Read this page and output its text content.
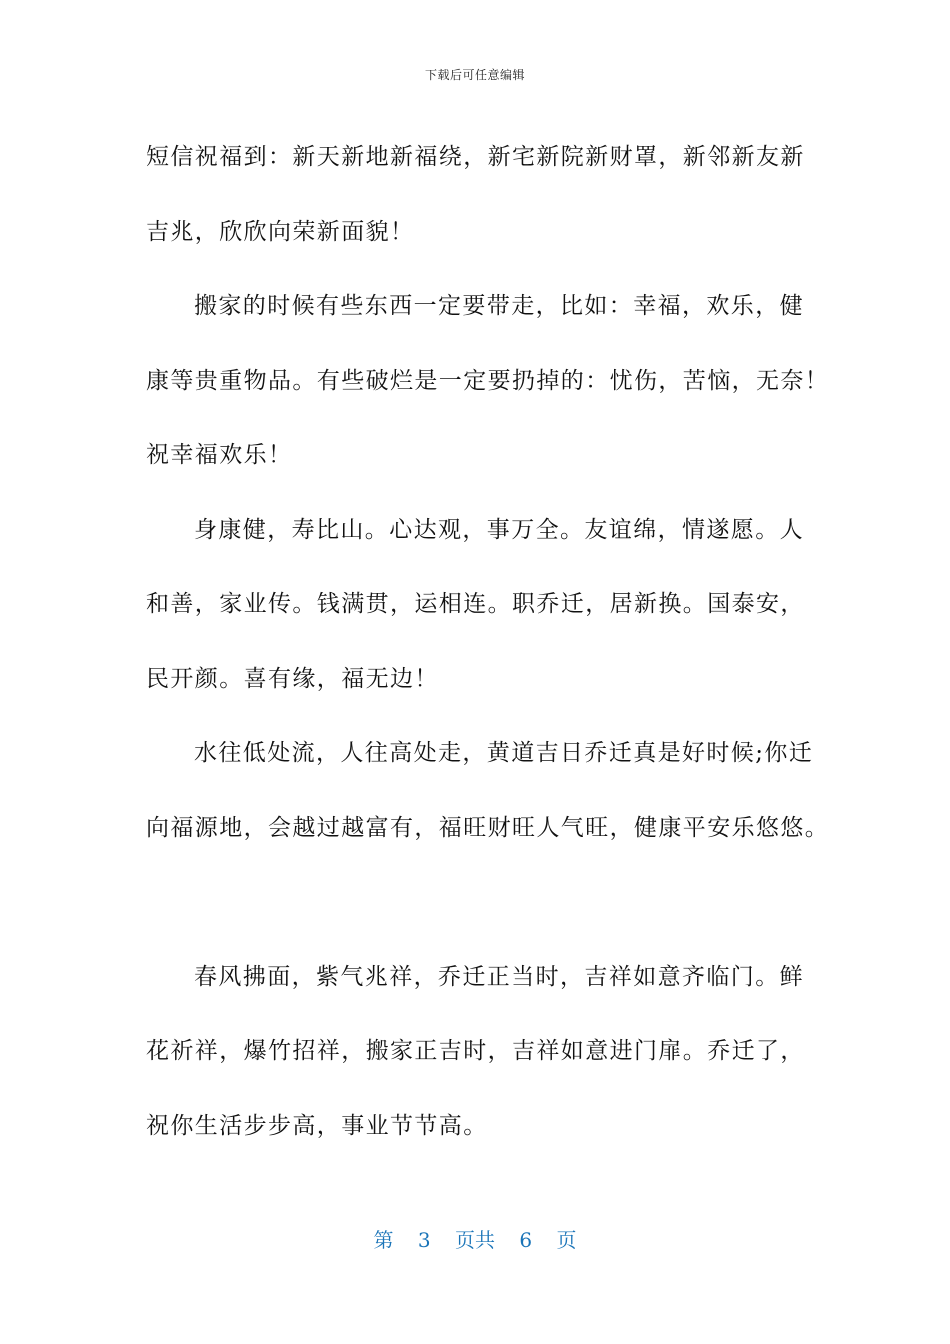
下载后可任意编辑
短信祝福到：新天新地新福绕，新宅新院新财罩，新邻新友新
吉兆，欣欣向荣新面貌！
搬家的时候有些东西一定要带走，比如：幸福，欢乐，健
康等贵重物品。有些破烂是一定要扔掉的：忧伤，苦恼，无奈！
祝幸福欢乐！
身康健，寿比山。心达观，事万全。友谊绵，情遂愿。人
和善，家业传。钱满贯，运相连。职乔迁，居新换。国泰安，
民开颜。喜有缘，福无边！
水往低处流，人往高处走，黄道吉日乔迁真是好时候;你迁
向福源地，会越过越富有，福旺财旺人气旺，健康平安乐悠悠。
春风拂面，紫气兆祥，乔迁正当时，吉祥如意齐临门。鲜
花祈祥，爆竹招祥，搬家正吉时，吉祥如意进门扉。乔迁了，
祝你生活步步高，事业节节高。
第 3 页共 6 页
